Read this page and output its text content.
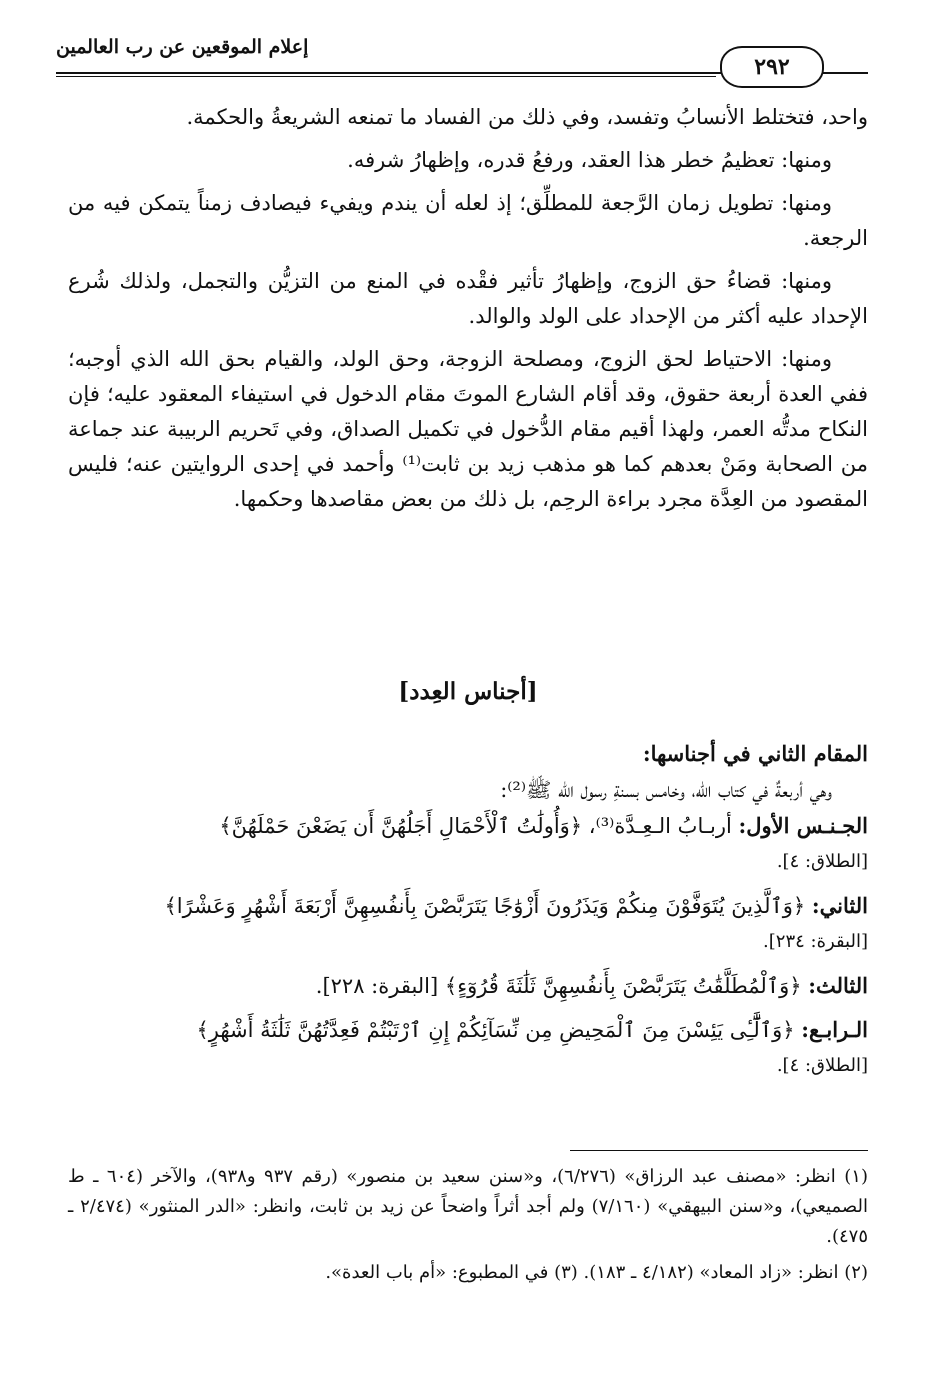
إعلام الموقعين عن رب العالمين
٢٩٢

واحد، فتختلط الأنسابُ وتفسد، وفي ذلك من الفساد ما تمنعه الشريعةُ والحكمة.

ومنها: تعظيمُ خطر هذا العقد، ورفعُ قدره، وإظهارُ شرفه.

ومنها: تطويل زمان الرَّجعة للمطلِّق؛ إذ لعله أن يندم ويفيء فيصادف زمناً يتمكن فيه من الرجعة.

ومنها: قضاءُ حق الزوج، وإظهارُ تأثير فقْده في المنع من التزيُّن والتجمل، ولذلك شُرع الإحداد عليه أكثر من الإحداد على الولد والوالد.

ومنها: الاحتياط لحق الزوج، ومصلحة الزوجة، وحق الولد، والقيام بحق الله الذي أوجبه؛ ففي العدة أربعة حقوق، وقد أقام الشارع الموتَ مقام الدخول في استيفاء المعقود عليه؛ فإن النكاح مدتُّه العمر، ولهذا أقيم مقام الدُّخول في تكميل الصداق، وفي تَحريم الربيبة عند جماعة من الصحابة ومَنْ بعدهم كما هو مذهب زيد بن ثابت⁽¹⁾ وأحمد في إحدى الروايتين عنه؛ فليس المقصود من العِدَّة مجرد براءة الرحِم، بل ذلك من بعض مقاصدها وحكمها.

[أجناس العِدد]

المقام الثاني في أجناسها:

وهي أربعةٌ في كتاب الله، وخامس بسنةِ رسول الله ﷺ⁽²⁾:

الجـنـس الأول: أربـابُ الـعِـدَّة⁽³⁾، ﴿وَأُولَٰتُ ٱلْأَحْمَالِ أَجَلُهُنَّ أَن يَضَعْنَ حَمْلَهُنَّ﴾

[الطلاق: ٤].

الثاني: ﴿وَٱلَّذِينَ يُتَوَفَّوْنَ مِنكُمْ وَيَذَرُونَ أَزْوَٰجًا يَتَرَبَّصْنَ بِأَنفُسِهِنَّ أَرْبَعَةَ أَشْهُرٍ وَعَشْرًا﴾

[البقرة: ٢٣٤].

الثالث: ﴿وَٱلْمُطَلَّقَٰتُ يَتَرَبَّصْنَ بِأَنفُسِهِنَّ ثَلَٰثَةَ قُرُوٓءٍ﴾ [البقرة: ٢٢٨].

الـرابـع: ﴿وَٱلَّٰٓـِٔى يَئِسْنَ مِنَ ٱلْمَحِيضِ مِن نِّسَآئِكُمْ إِنِ ٱرْتَبْتُمْ فَعِدَّتُهُنَّ ثَلَٰثَةُ أَشْهُرٍ﴾

[الطلاق: ٤].

(١) انظر: «مصنف عبد الرزاق» (٦/٢٧٦)، و«سنن سعيد بن منصور» (رقم ٩٣٧ و٩٣٨)، والآخر (٦٠٤ ـ ط الصميعي)، و«سنن البيهقي» (٧/١٦٠) ولم أجد أثراً واضحاً عن زيد بن ثابت، وانظر: «الدر المنثور» (٢/٤٧٤ ـ ٤٧٥).

(٢) انظر: «زاد المعاد» (٤/١٨٢ ـ ١٨٣). (٣) في المطبوع: «أم باب العدة».
